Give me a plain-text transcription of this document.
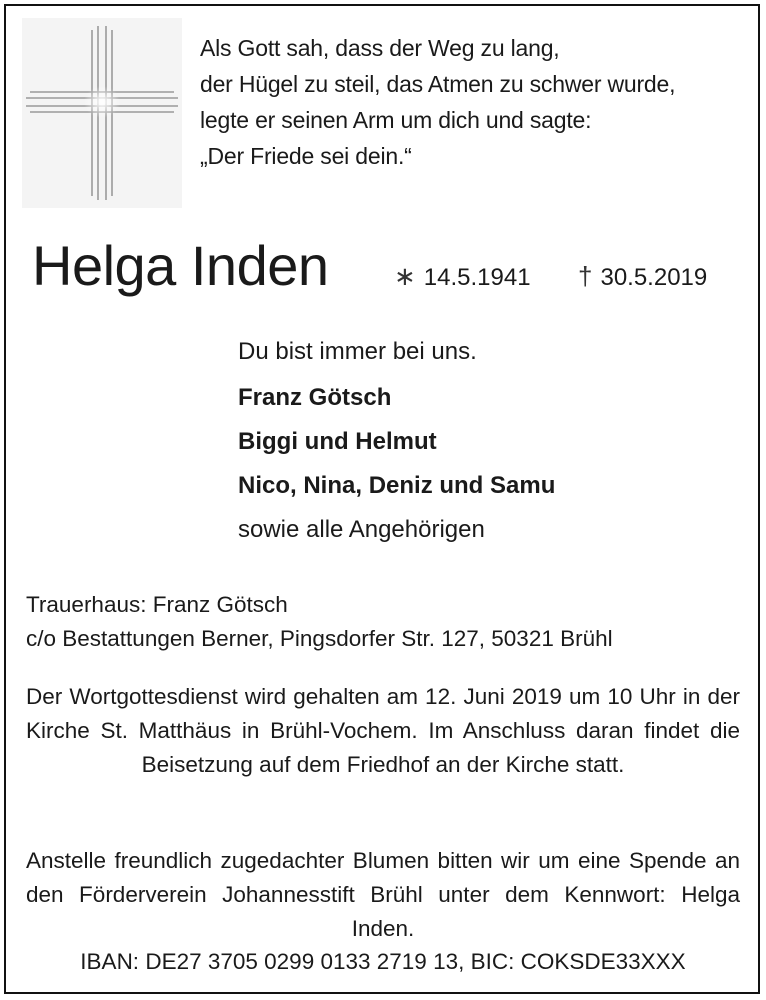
Als Gott sah, dass der Weg zu lang,
der Hügel zu steil, das Atmen zu schwer wurde,
legte er seinen Arm um dich und sagte:
„Der Friede sei dein.“
Helga Inden	∗ 14.5.1941 † 30.5.2019
Du bist immer bei uns.
Franz Götsch
Biggi und Helmut
Nico, Nina, Deniz und Samu
sowie alle Angehörigen
Trauerhaus: Franz Götsch
c/o Bestattungen Berner, Pingsdorfer Str. 127, 50321 Brühl
Der Wortgottesdienst wird gehalten am 12. Juni 2019 um 10 Uhr in der Kirche St. Matthäus in Brühl-Vochem. Im Anschluss daran findet die Beisetzung auf dem Friedhof an der Kirche statt.
Anstelle freundlich zugedachter Blumen bitten wir um eine Spende an den Förderverein Johannesstift Brühl unter dem Kennwort: Helga Inden.
IBAN: DE27 3705 0299 0133 2719 13, BIC: COKSDE33XXX
